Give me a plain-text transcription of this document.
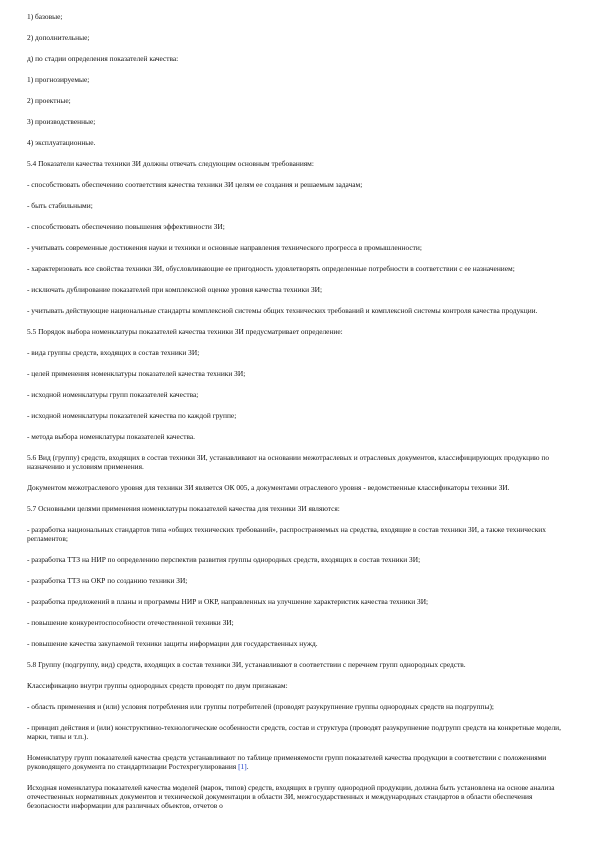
1) базовые;

2) дополнительные;

д) по стадии определения показателей качества:

1) прогнозируемые;

2) проектные;

3) производственные;

4) эксплуатационные.

5.4 Показатели качества техники ЗИ должны отвечать следующим основным требованиям:

- способствовать обеспечению соответствия качества техники ЗИ целям ее создания и решаемым задачам;

- быть стабильными;

- способствовать обеспечению повышения эффективности ЗИ;

- учитывать современные достижения науки и техники и основные направления технического прогресса в промышленности;

- характеризовать все свойства техники ЗИ, обусловливающие ее пригодность удовлетворять определенные потребности в соответствии с ее назначением;

- исключать дублирование показателей при комплексной оценке уровня качества техники ЗИ;

- учитывать действующие национальные стандарты комплексной системы общих технических требований и комплексной системы контроля качества продукции.

5.5 Порядок выбора номенклатуры показателей качества техники ЗИ предусматривает определение:

- вида группы средств, входящих в состав техники ЗИ;

- целей применения номенклатуры показателей качества техники ЗИ;

- исходной номенклатуры групп показателей качества;

- исходной номенклатуры показателей качества по каждой группе;

- метода выбора номенклатуры показателей качества.

5.6 Вид (группу) средств, входящих в состав техники ЗИ, устанавливают на основании межотраслевых и отраслевых документов, классифицирующих продукцию по назначению и условиям применения.

Документом межотраслевого уровня для техники ЗИ является ОК 005, а документами отраслевого уровня - ведомственные классификаторы техники ЗИ.

5.7 Основными целями применения номенклатуры показателей качества для техники ЗИ являются:

- разработка национальных стандартов типа «общих технических требований», распространяемых на средства, входящие в состав техники ЗИ, а также технических регламентов;

- разработка ТТЗ на НИР по определению перспектив развития группы однородных средств, входящих в состав техники ЗИ;

- разработка ТТЗ на ОКР по созданию техники ЗИ;

- разработка предложений в планы и программы НИР и ОКР, направленных на улучшение характеристик качества техники ЗИ;

- повышение конкурентоспособности отечественной техники ЗИ;

- повышение качества закупаемой техники защиты информации для государственных нужд.

5.8 Группу (подгруппу, вид) средств, входящих в состав техники ЗИ, устанавливают в соответствии с перечнем групп однородных средств.

Классификацию внутри группы однородных средств проводят по двум признакам:

- область применения и (или) условия потребления или группы потребителей (проводят разукрупнение группы однородных средств на подгруппы);

- принцип действия и (или) конструктивно-технологические особенности средств, состав и структура (проводят разукрупнение подгрупп средств на конкретные модели, марки, типы и т.п.).

Номенклатуру групп показателей качества средств устанавливают по таблице применяемости групп показателей качества продукции в соответствии с положениями руководящего документа по стандартизации Ростехрегулирования [1].

Исходная номенклатура показателей качества моделей (марок, типов) средств, входящих в группу однородной продукции, должна быть установлена на основе анализа отечественных нормативных документов и технической документации в области ЗИ, межгосударственных и международных стандартов в области обеспечения безопасности информации для различных объектов, отчетов о
